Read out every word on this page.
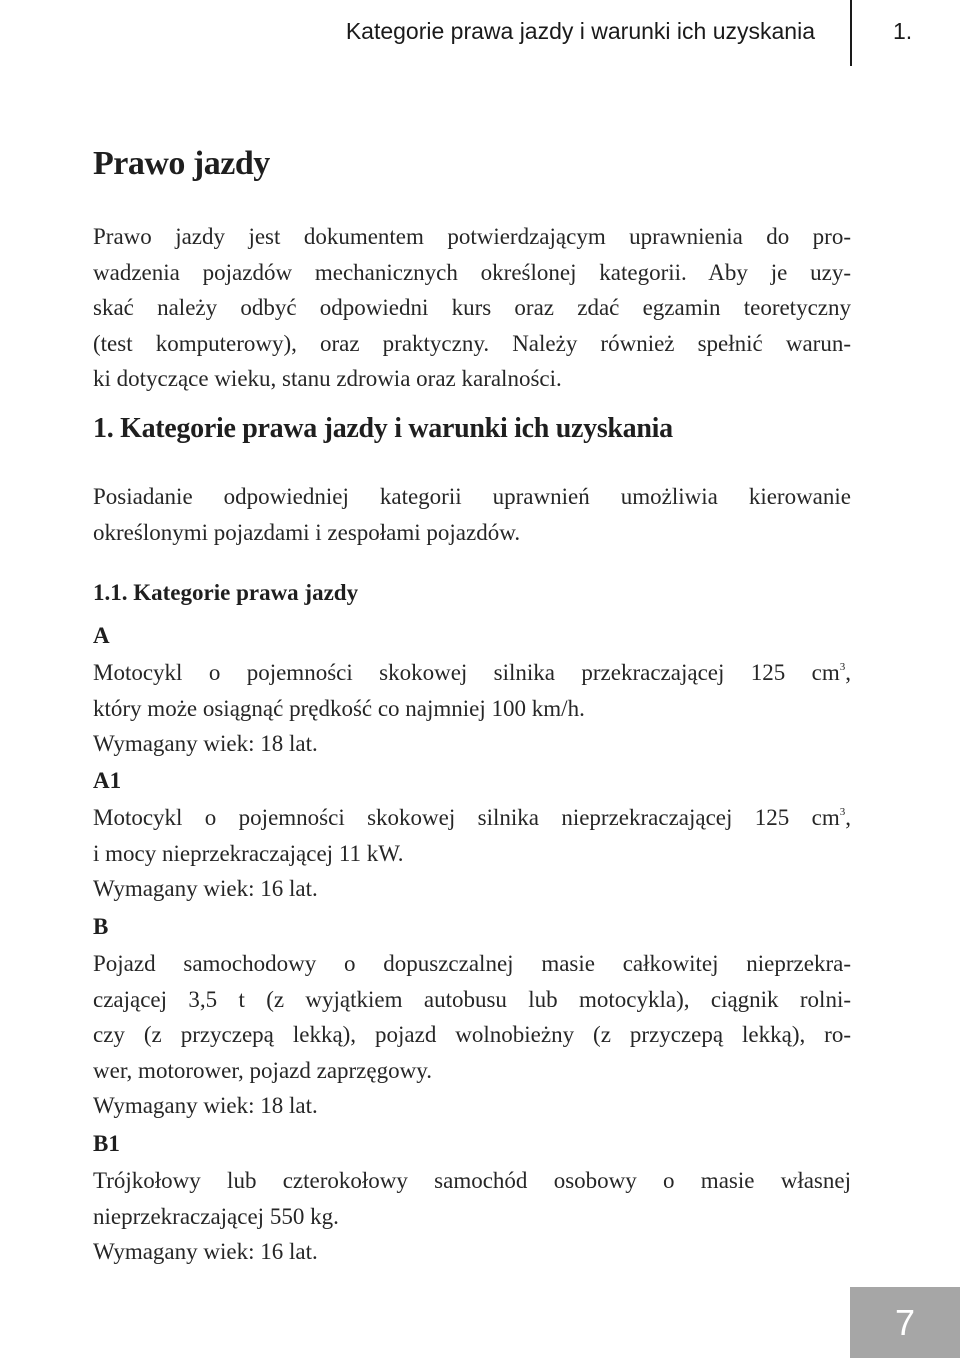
Kategorie prawa jazdy i warunki ich uzyskania	1.
Prawo jazdy
Prawo jazdy jest dokumentem potwierdzającym uprawnienia do pro-
wadzenia pojazdów mechanicznych określonej kategorii. Aby je uzy-
skać należy odbyć odpowiedni kurs oraz zdać egzamin teoretyczny
(test komputerowy), oraz praktyczny. Należy również spełnić warun-
ki dotyczące wieku, stanu zdrowia oraz karalności.
1. Kategorie prawa jazdy i warunki ich uzyskania
Posiadanie odpowiedniej kategorii uprawnień umożliwia kierowanie
określonymi pojazdami i zespołami pojazdów.
1.1. Kategorie prawa jazdy
A
Motocykl o pojemności skokowej silnika przekraczającej 125 $cm^3$,
który może osiągnąć prędkość co najmniej 100 km/h.
Wymagany wiek: 18 lat.
A1
Motocykl o pojemności skokowej silnika nieprzekraczającej 125 $cm^3$,
i mocy nieprzekraczającej 11 kW.
Wymagany wiek: 16 lat.
B
Pojazd samochodowy o dopuszczalnej masie całkowitej nieprzekra-
czającej 3,5 t (z wyjątkiem autobusu lub motocykla), ciągnik rolni-
czy (z przyczepą lekką), pojazd wolnobieżny (z przyczepą lekką), ro-
wer, motorower, pojazd zaprzęgowy.
Wymagany wiek: 18 lat.
B1
Trójkołowy lub czterokołowy samochód osobowy o masie własnej
nieprzekraczającej 550 kg.
Wymagany wiek: 16 lat.
7
